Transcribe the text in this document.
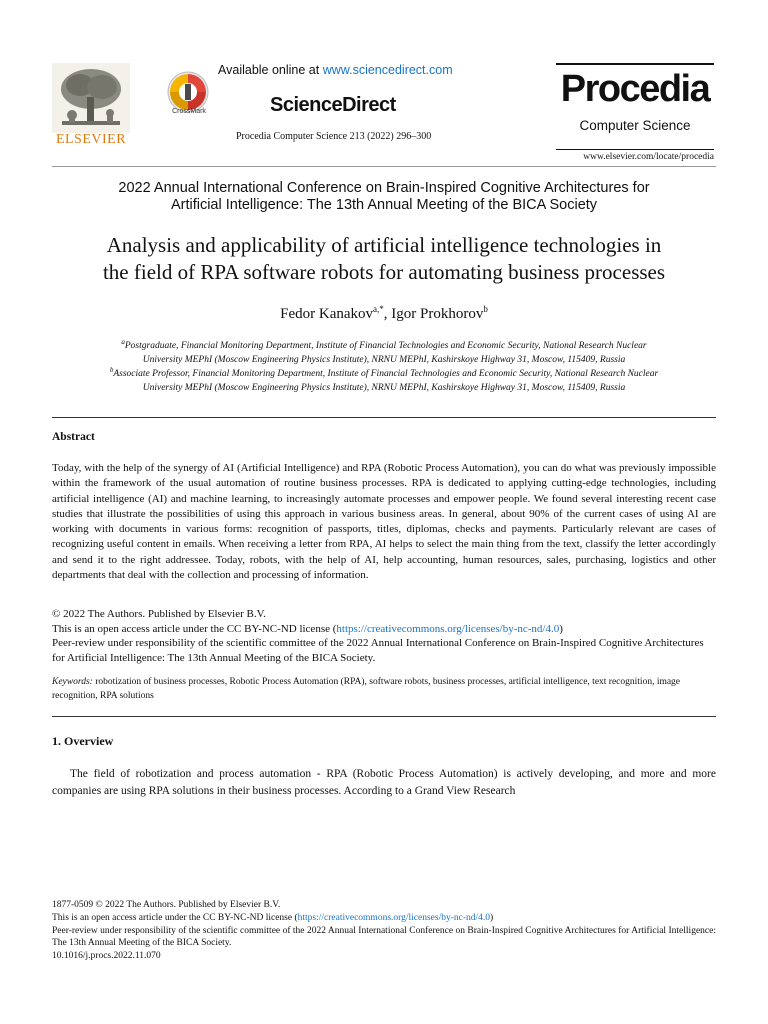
ELSEVIER
CrossMark
Available online at www.sciencedirect.com
ScienceDirect
Procedia Computer Science 213 (2022) 296–300
Procedia
Computer Science
www.elsevier.com/locate/procedia
2022 Annual International Conference on Brain-Inspired Cognitive Architectures for
Artificial Intelligence: The 13th Annual Meeting of the BICA Society
Analysis and applicability of artificial intelligence technologies in
the field of RPA software robots for automating business processes
Fedor Kanakov$^{a,*}$, Igor Prokhorov$^b$
$^a$Postgraduate, Financial Monitoring Department, Institute of Financial Technologies and Economic Security, National Research Nuclear
University MEPhI (Moscow Engineering Physics Institute), NRNU MEPhI, Kashirskoye Highway 31, Moscow, 115409, Russia
$^b$Associate Professor, Financial Monitoring Department, Institute of Financial Technologies and Economic Security, National Research Nuclear
University MEPhI (Moscow Engineering Physics Institute), NRNU MEPhI, Kashirskoye Highway 31, Moscow, 115409, Russia
Abstract
Today, with the help of the synergy of AI (Artificial Intelligence) and RPA (Robotic Process Automation), you can do what was previously impossible within the framework of the usual automation of routine business processes. RPA is dedicated to applying cutting-edge technologies, including artificial intelligence (AI) and machine learning, to increasingly automate processes and empower people. We found several interesting recent case studies that illustrate the possibilities of using this approach in various business areas. In general, about 90% of the current cases of using AI are working with documents in various forms: recognition of passports, titles, diplomas, checks and payments. Particularly relevant are cases of recognizing useful content in emails. When receiving a letter from RPA, AI helps to select the main thing from the text, classify the letter accordingly and send it to the right addressee. Today, robots, with the help of AI, help accounting, human resources, sales, purchasing, logistics and other departments that deal with the collection and processing of information.
© 2022 The Authors. Published by Elsevier B.V.
This is an open access article under the CC BY-NC-ND license (https://creativecommons.org/licenses/by-nc-nd/4.0)
Peer-review under responsibility of the scientific committee of the 2022 Annual International Conference on Brain-Inspired Cognitive Architectures for Artificial Intelligence: The 13th Annual Meeting of the BICA Society.
Keywords: robotization of business processes, Robotic Process Automation (RPA), software robots, business processes, artificial intelligence, text recognition, image recognition, RPA solutions
1. Overview
The field of robotization and process automation - RPA (Robotic Process Automation) is actively developing, and more and more companies are using RPA solutions in their business processes. According to a Grand View Research
1877-0509 © 2022 The Authors. Published by Elsevier B.V.
This is an open access article under the CC BY-NC-ND license (https://creativecommons.org/licenses/by-nc-nd/4.0)
Peer-review under responsibility of the scientific committee of the 2022 Annual International Conference on Brain-Inspired Cognitive Architectures for Artificial Intelligence: The 13th Annual Meeting of the BICA Society.
10.1016/j.procs.2022.11.070
